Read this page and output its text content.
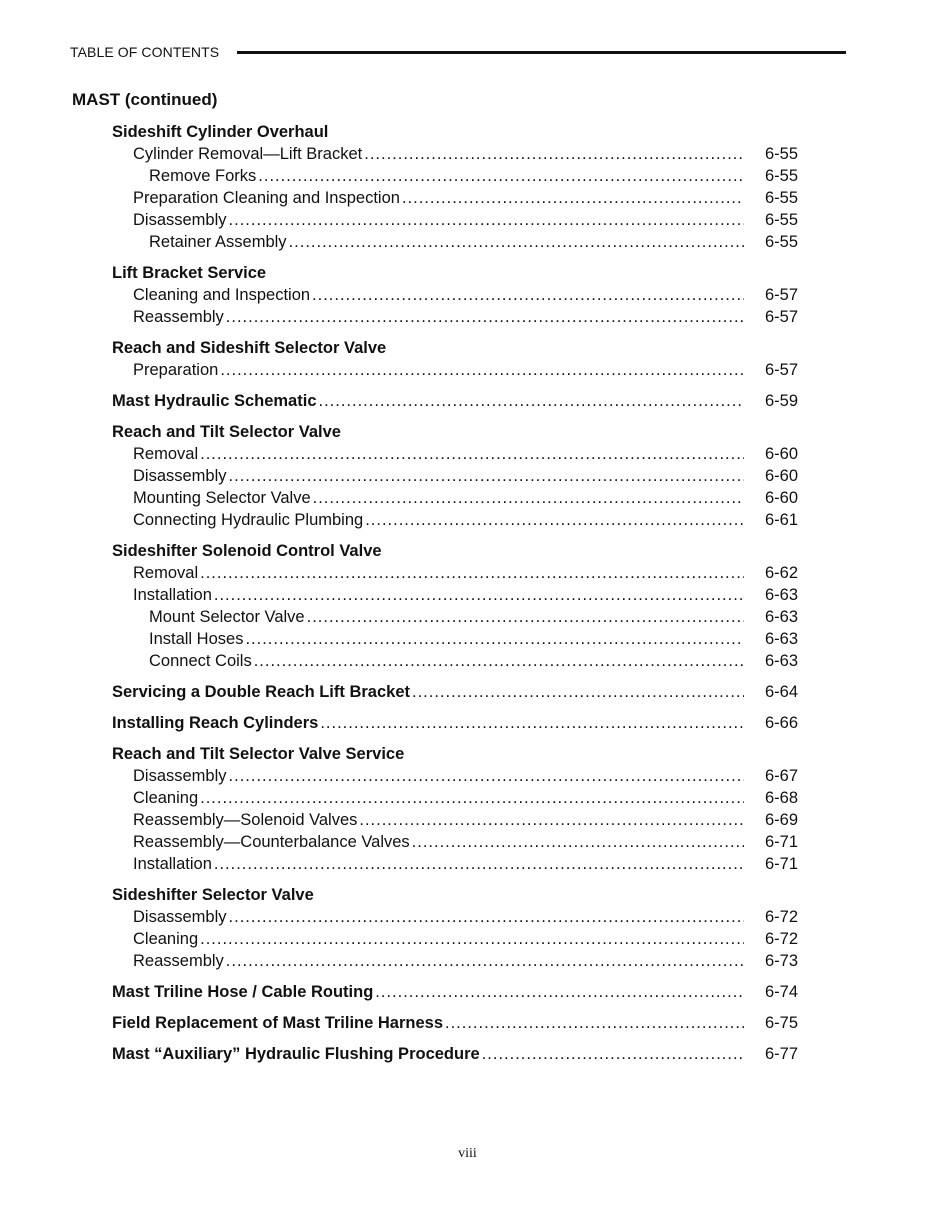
TABLE OF CONTENTS
MAST (continued)
Sideshift Cylinder Overhaul
Cylinder Removal—Lift Bracket .....	6-55
Remove Forks .....	6-55
Preparation Cleaning and Inspection .....	6-55
Disassembly .....	6-55
Retainer Assembly .....	6-55
Lift Bracket Service
Cleaning and Inspection .....	6-57
Reassembly .....	6-57
Reach and Sideshift Selector Valve
Preparation .....	6-57
Mast Hydraulic Schematic .....	6-59
Reach and Tilt Selector Valve
Removal .....	6-60
Disassembly .....	6-60
Mounting Selector Valve .....	6-60
Connecting Hydraulic Plumbing .....	6-61
Sideshifter Solenoid Control Valve
Removal .....	6-62
Installation .....	6-63
Mount Selector Valve .....	6-63
Install Hoses .....	6-63
Connect Coils .....	6-63
Servicing a Double Reach Lift Bracket .....	6-64
Installing Reach Cylinders .....	6-66
Reach and Tilt Selector Valve Service
Disassembly .....	6-67
Cleaning .....	6-68
Reassembly—Solenoid Valves .....	6-69
Reassembly—Counterbalance Valves .....	6-71
Installation .....	6-71
Sideshifter Selector Valve
Disassembly .....	6-72
Cleaning .....	6-72
Reassembly .....	6-73
Mast Triline Hose / Cable Routing .....	6-74
Field Replacement of Mast Triline Harness .....	6-75
Mast “Auxiliary” Hydraulic Flushing Procedure .....	6-77
viii
